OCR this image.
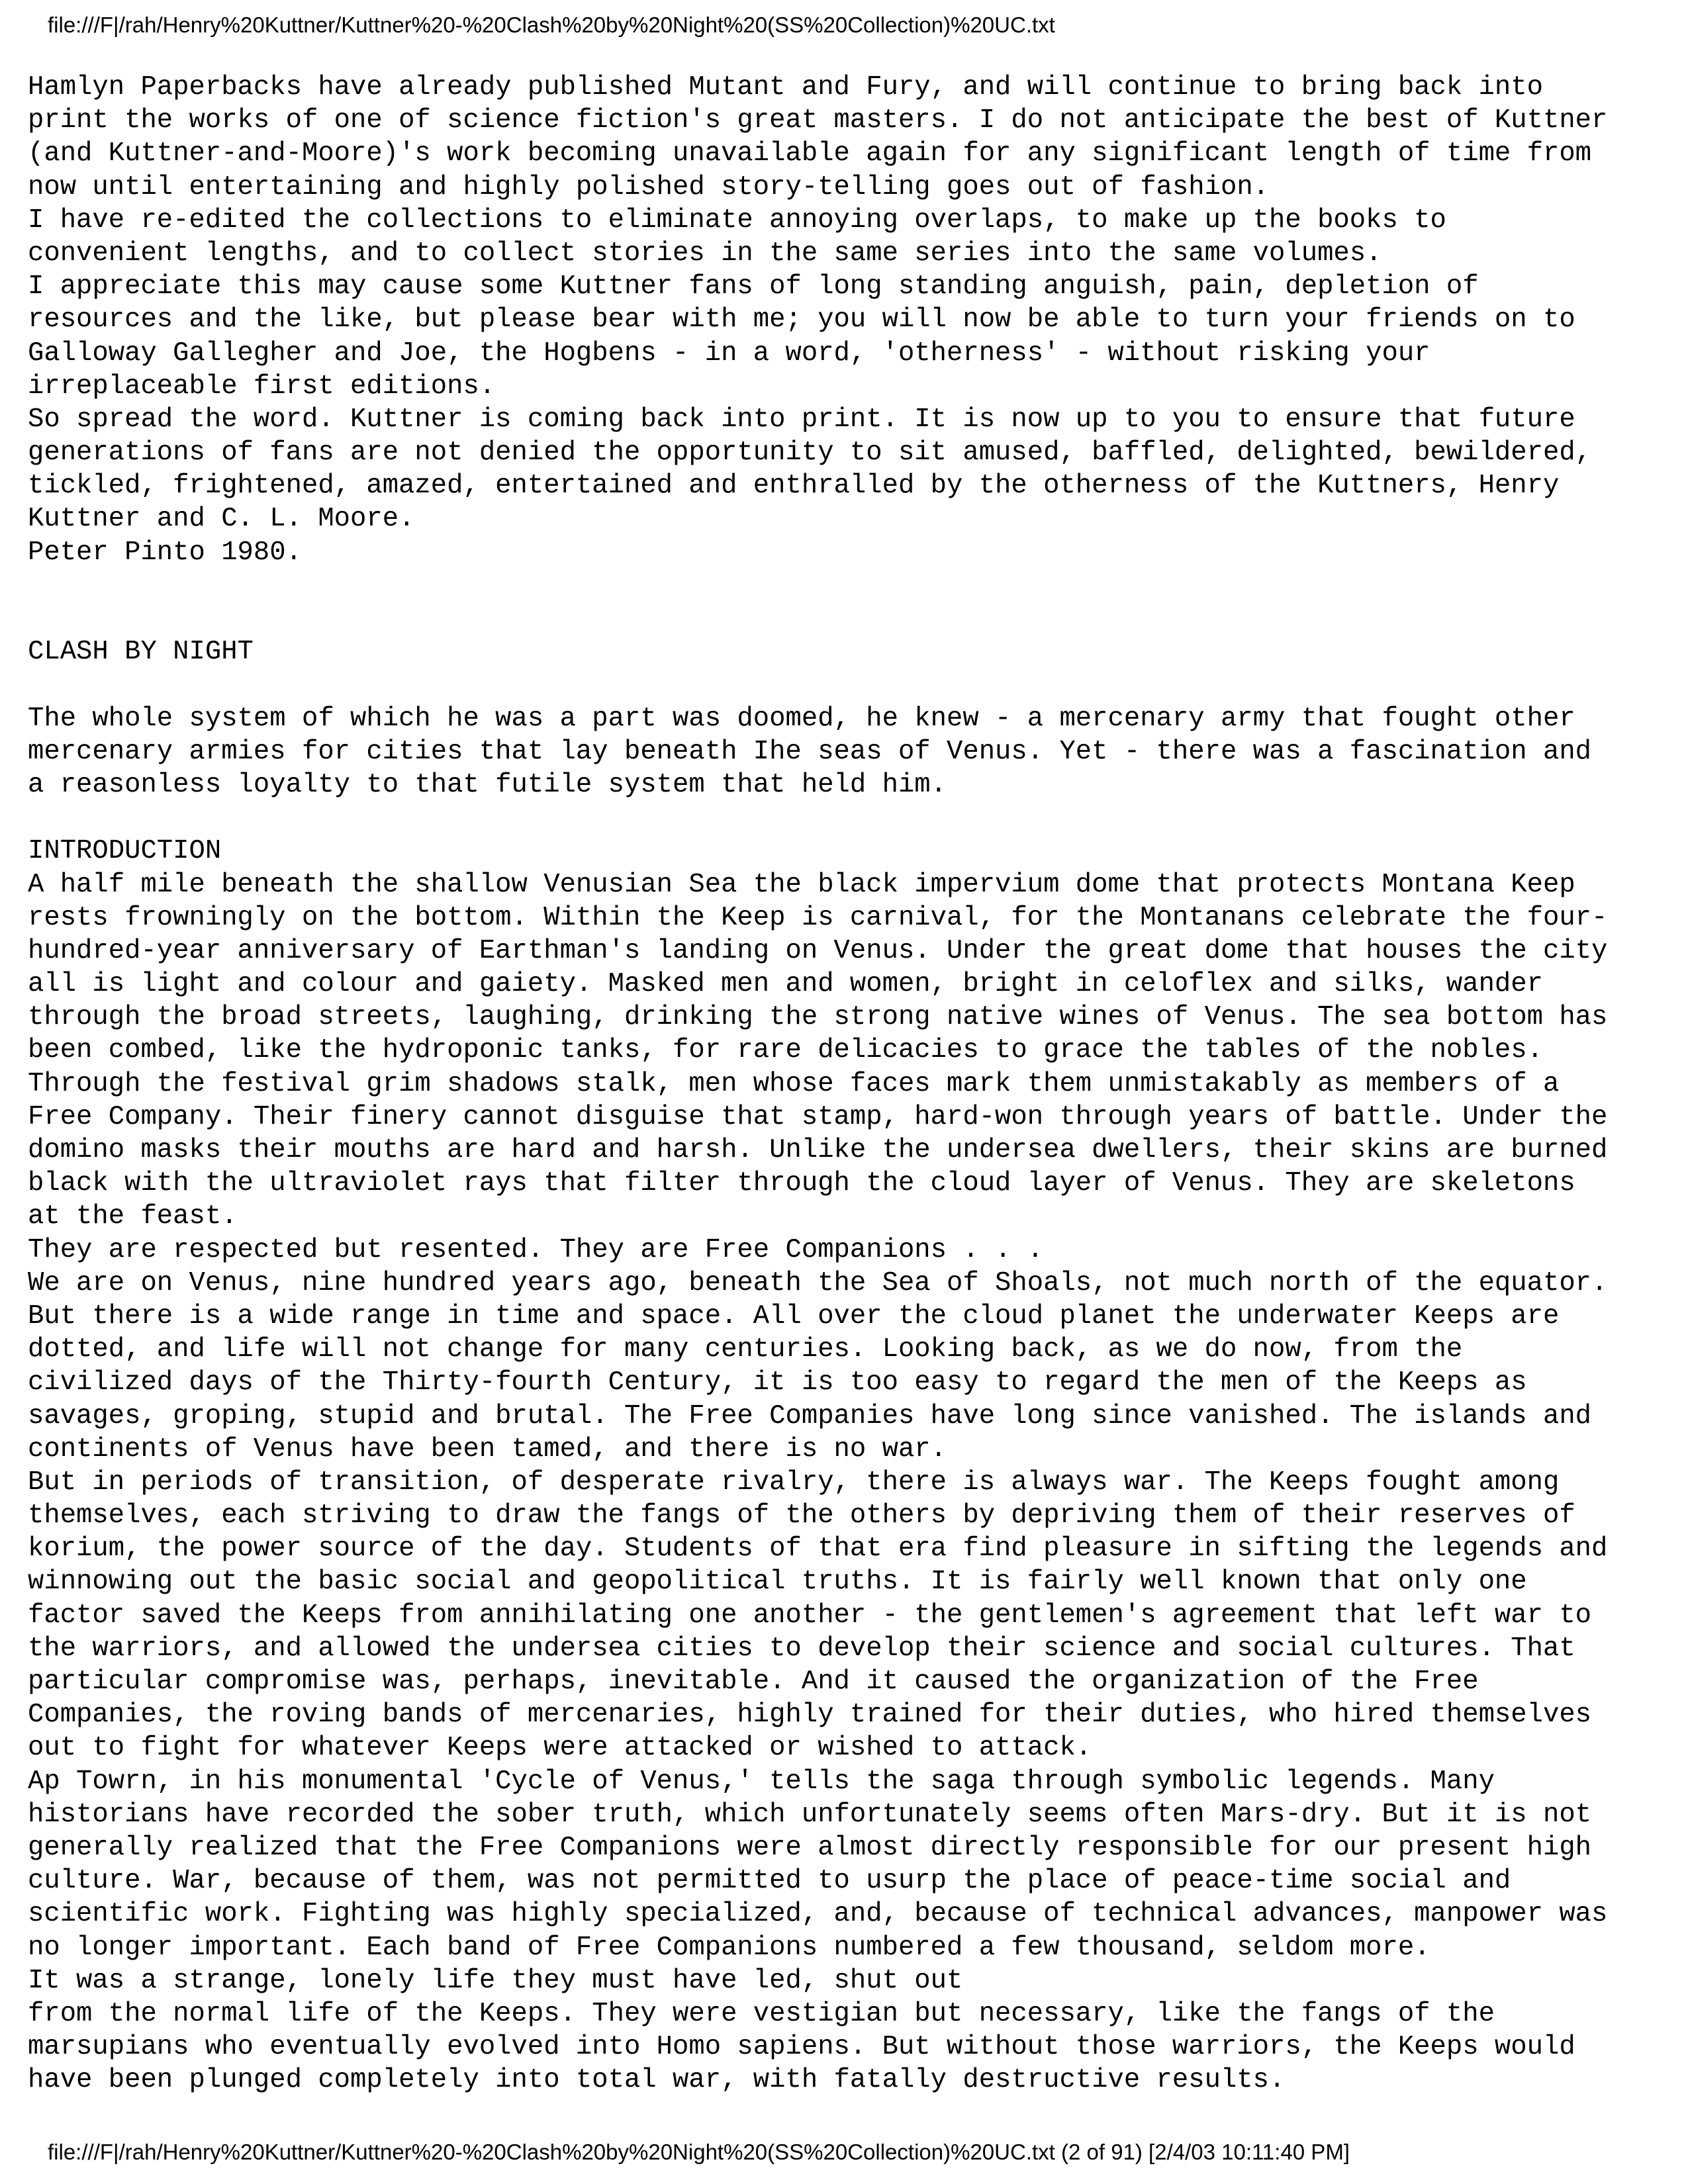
file:///F|/rah/Henry%20Kuttner/Kuttner%20-%20Clash%20by%20Night%20(SS%20Collection)%20UC.txt
Hamlyn Paperbacks have already published Mutant and Fury, and will continue to bring back into
print the works of one of science fiction's great masters. I do not anticipate the best of Kuttner
(and Kuttner-and-Moore)'s work becoming unavailable again for any significant length of time from
now until entertaining and highly polished story-telling goes out of fashion.
I have re-edited the collections to eliminate annoying overlaps, to make up the books to
convenient lengths, and to collect stories in the same series into the same volumes.
I appreciate this may cause some Kuttner fans of long standing anguish, pain, depletion of
resources and the like, but please bear with me; you will now be able to turn your friends on to
Galloway Gallegher and Joe, the Hogbens - in a word, 'otherness' - without risking your
irreplaceable first editions.
So spread the word. Kuttner is coming back into print. It is now up to you to ensure that future
generations of fans are not denied the opportunity to sit amused, baffled, delighted, bewildered,
tickled, frightened, amazed, entertained and enthralled by the otherness of the Kuttners, Henry
Kuttner and C. L. Moore.
Peter Pinto 1980.
CLASH BY NIGHT
The whole system of which he was a part was doomed, he knew - a mercenary army that fought other
mercenary armies for cities that lay beneath Ihe seas of Venus. Yet - there was a fascination and
a reasonless loyalty to that futile system that held him.
INTRODUCTION
A half mile beneath the shallow Venusian Sea the black impervium dome that protects Montana Keep
rests frowningly on the bottom. Within the Keep is carnival, for the Montanans celebrate the four-
hundred-year anniversary of Earthman's landing on Venus. Under the great dome that houses the city
all is light and colour and gaiety. Masked men and women, bright in celoflex and silks, wander
through the broad streets, laughing, drinking the strong native wines of Venus. The sea bottom has
been combed, like the hydroponic tanks, for rare delicacies to grace the tables of the nobles.
Through the festival grim shadows stalk, men whose faces mark them unmistakably as members of a
Free Company. Their finery cannot disguise that stamp, hard-won through years of battle. Under the
domino masks their mouths are hard and harsh. Unlike the undersea dwellers, their skins are burned
black with the ultraviolet rays that filter through the cloud layer of Venus. They are skeletons
at the feast.
They are respected but resented. They are Free Companions . . .
We are on Venus, nine hundred years ago, beneath the Sea of Shoals, not much north of the equator.
But there is a wide range in time and space. All over the cloud planet the underwater Keeps are
dotted, and life will not change for many centuries. Looking back, as we do now, from the
civilized days of the Thirty-fourth Century, it is too easy to regard the men of the Keeps as
savages, groping, stupid and brutal. The Free Companies have long since vanished. The islands and
continents of Venus have been tamed, and there is no war.
But in periods of transition, of desperate rivalry, there is always war. The Keeps fought among
themselves, each striving to draw the fangs of the others by depriving them of their reserves of
korium, the power source of the day. Students of that era find pleasure in sifting the legends and
winnowing out the basic social and geopolitical truths. It is fairly well known that only one
factor saved the Keeps from annihilating one another - the gentlemen's agreement that left war to
the warriors, and allowed the undersea cities to develop their science and social cultures. That
particular compromise was, perhaps, inevitable. And it caused the organization of the Free
Companies, the roving bands of mercenaries, highly trained for their duties, who hired themselves
out to fight for whatever Keeps were attacked or wished to attack.
Ap Towrn, in his monumental 'Cycle of Venus,' tells the saga through symbolic legends. Many
historians have recorded the sober truth, which unfortunately seems often Mars-dry. But it is not
generally realized that the Free Companions were almost directly responsible for our present high
culture. War, because of them, was not permitted to usurp the place of peace-time social and
scientific work. Fighting was highly specialized, and, because of technical advances, manpower was
no longer important. Each band of Free Companions numbered a few thousand, seldom more.
It was a strange, lonely life they must have led, shut out
from the normal life of the Keeps. They were vestigian but necessary, like the fangs of the
marsupians who eventually evolved into Homo sapiens. But without those warriors, the Keeps would
have been plunged completely into total war, with fatally destructive results.
file:///F|/rah/Henry%20Kuttner/Kuttner%20-%20Clash%20by%20Night%20(SS%20Collection)%20UC.txt (2 of 91) [2/4/03 10:11:40 PM]
